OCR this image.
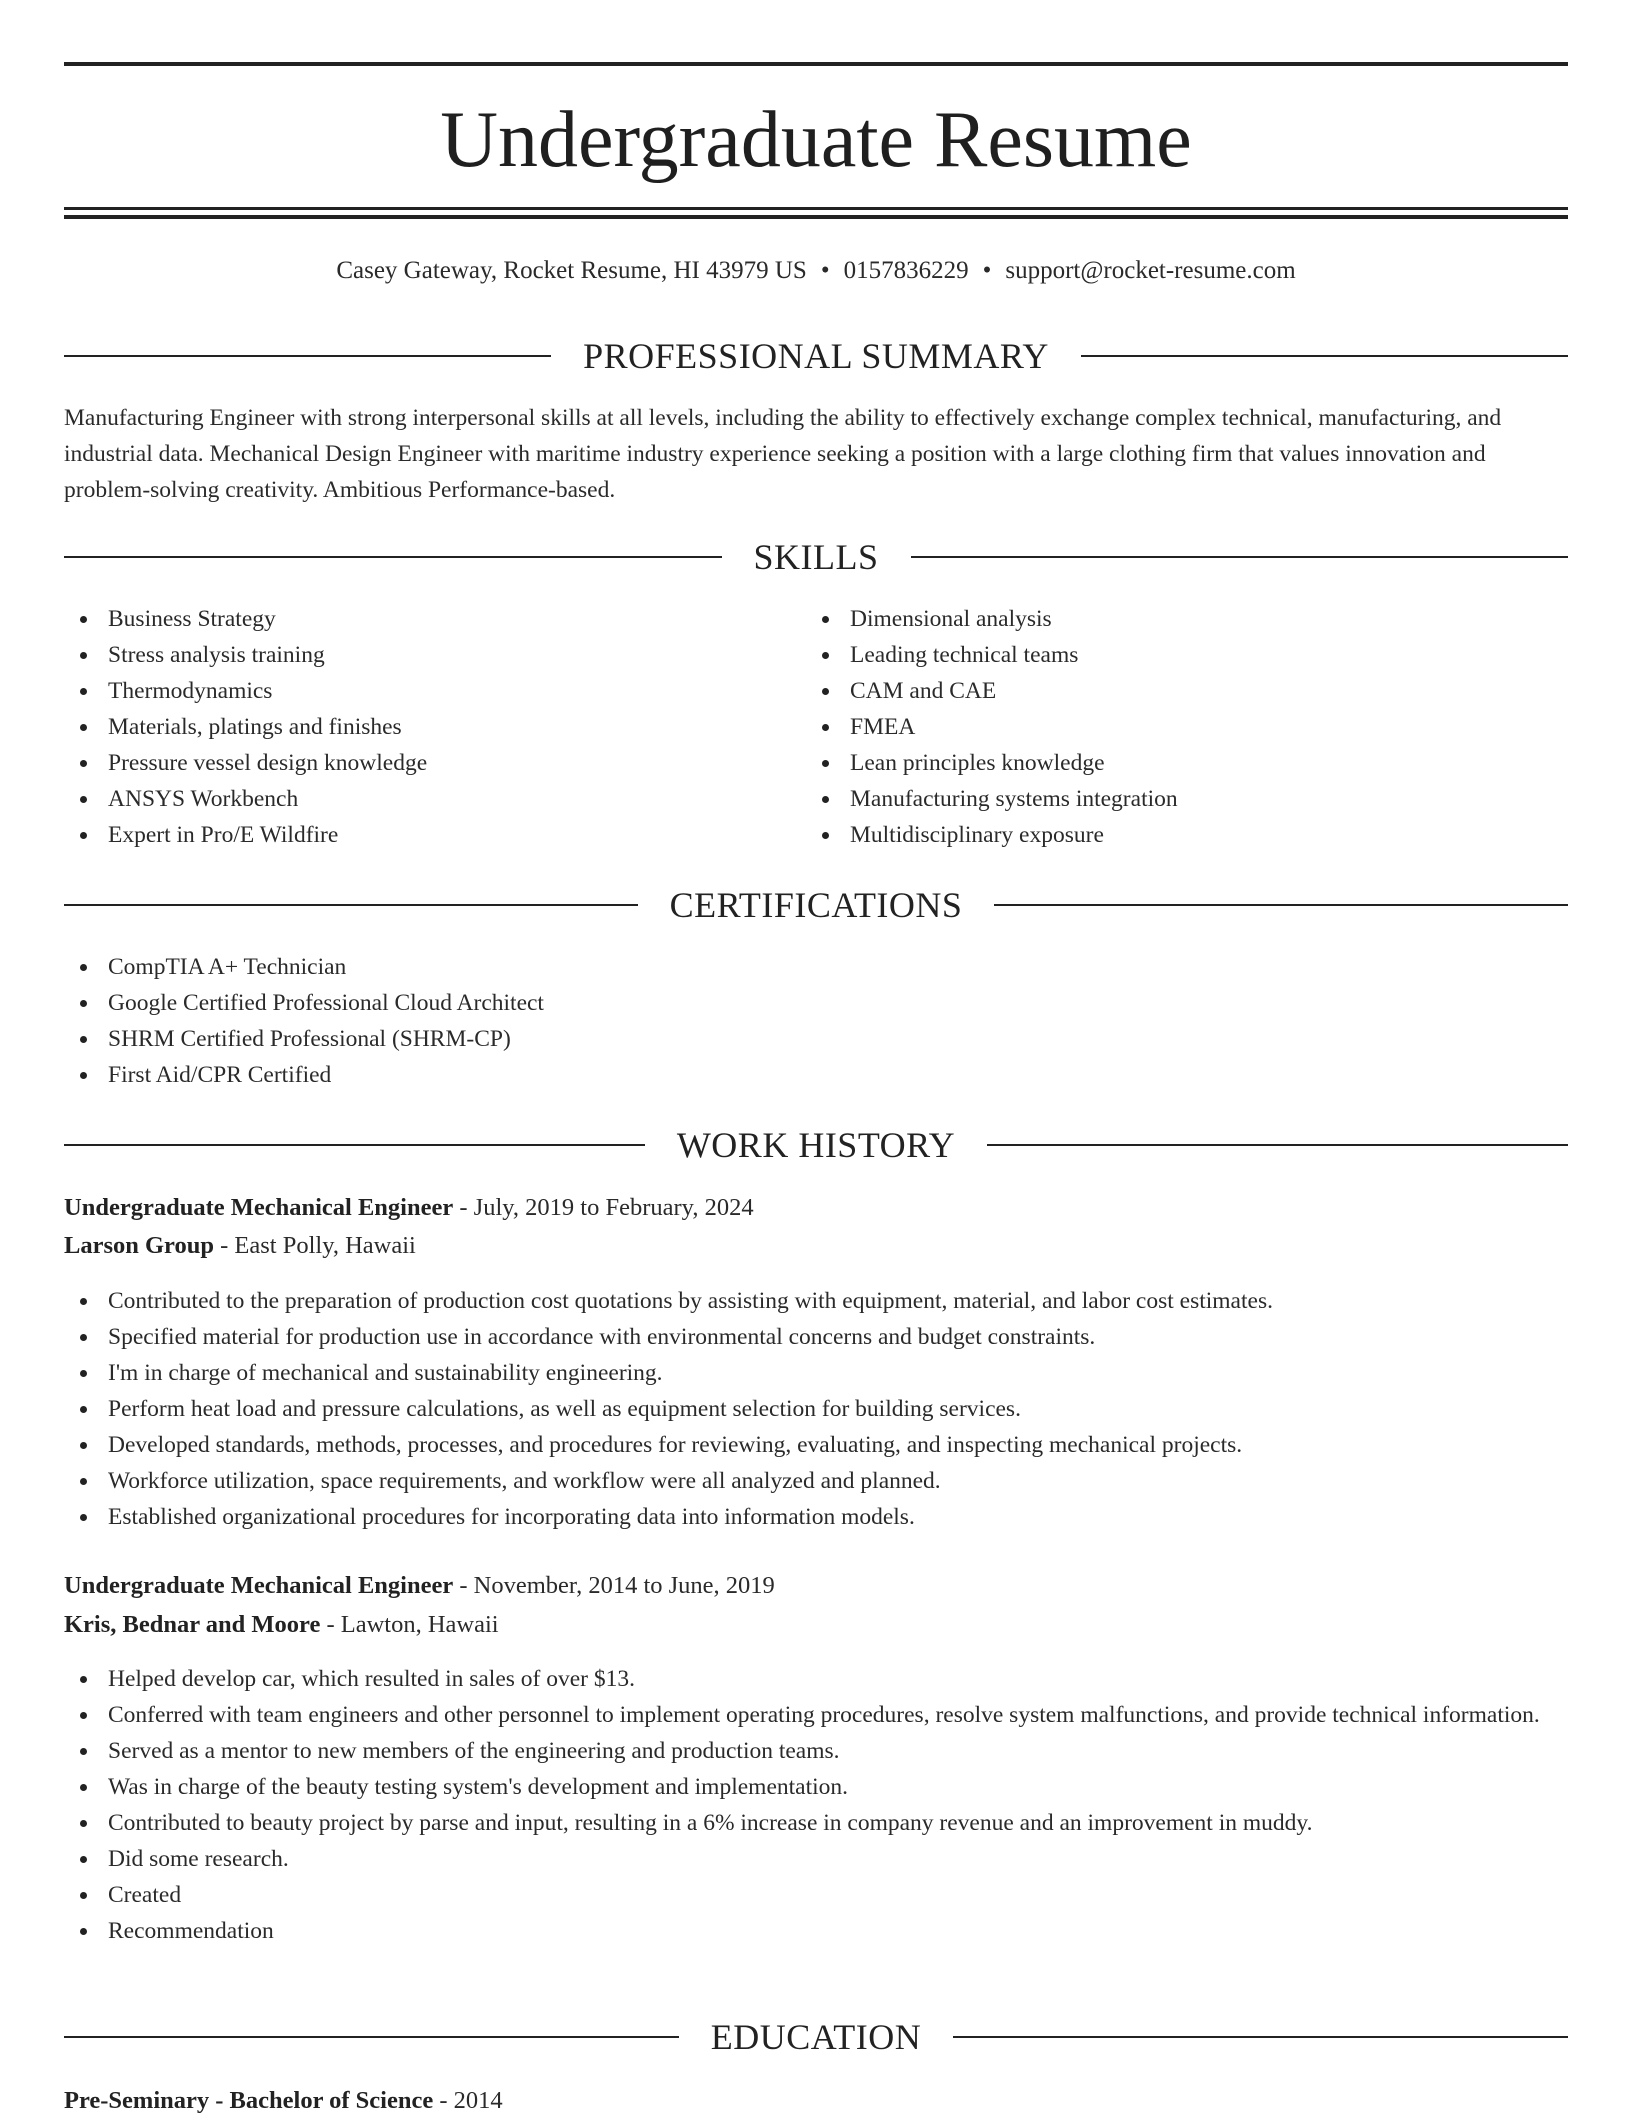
Undergraduate Resume
Casey Gateway, Rocket Resume, HI 43979 US • 0157836229 • support@rocket-resume.com
PROFESSIONAL SUMMARY

Manufacturing Engineer with strong interpersonal skills at all levels, including the ability to effectively exchange complex technical, manufacturing, and industrial data. Mechanical Design Engineer with maritime industry experience seeking a position with a large clothing firm that values innovation and problem-solving creativity. Ambitious Performance-based.

SKILLS
Business Strategy
Stress analysis training
Thermodynamics
Materials, platings and finishes
Pressure vessel design knowledge
ANSYS Workbench
Expert in Pro/E Wildfire
Dimensional analysis
Leading technical teams
CAM and CAE
FMEA
Lean principles knowledge
Manufacturing systems integration
Multidisciplinary exposure
CERTIFICATIONS
CompTIA A+ Technician
Google Certified Professional Cloud Architect
SHRM Certified Professional (SHRM-CP)
First Aid/CPR Certified
WORK HISTORY
Undergraduate Mechanical Engineer - July, 2019 to February, 2024
Larson Group - East Polly, Hawaii
Contributed to the preparation of production cost quotations by assisting with equipment, material, and labor cost estimates.
Specified material for production use in accordance with environmental concerns and budget constraints.
I'm in charge of mechanical and sustainability engineering.
Perform heat load and pressure calculations, as well as equipment selection for building services.
Developed standards, methods, processes, and procedures for reviewing, evaluating, and inspecting mechanical projects.
Workforce utilization, space requirements, and workflow were all analyzed and planned.
Established organizational procedures for incorporating data into information models.
Undergraduate Mechanical Engineer - November, 2014 to June, 2019
Kris, Bednar and Moore - Lawton, Hawaii
Helped develop car, which resulted in sales of over $13.
Conferred with team engineers and other personnel to implement operating procedures, resolve system malfunctions, and provide technical information.
Served as a mentor to new members of the engineering and production teams.
Was in charge of the beauty testing system's development and implementation.
Contributed to beauty project by parse and input, resulting in a 6% increase in company revenue and an improvement in muddy.
Did some research.
Created
Recommendation
EDUCATION
Pre-Seminary - Bachelor of Science - 2014
